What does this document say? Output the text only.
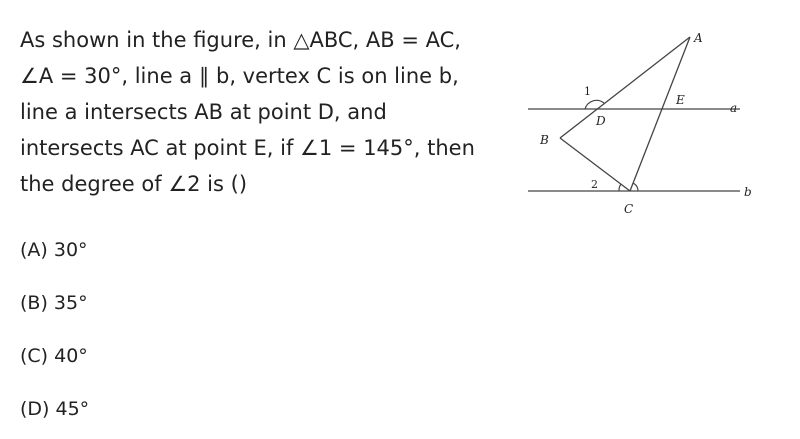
As shown in the figure, in △ABC, AB = AC,
∠A = 30°, line a ∥ b, vertex C is on line b,
line a intersects AB at point D, and
intersects AC at point E, if ∠1 = 145°, then
the degree of ∠2 is ()
A
B
C
D
E
a
b
1
2
(A) 30°
(B) 35°
(C) 40°
(D) 45°
